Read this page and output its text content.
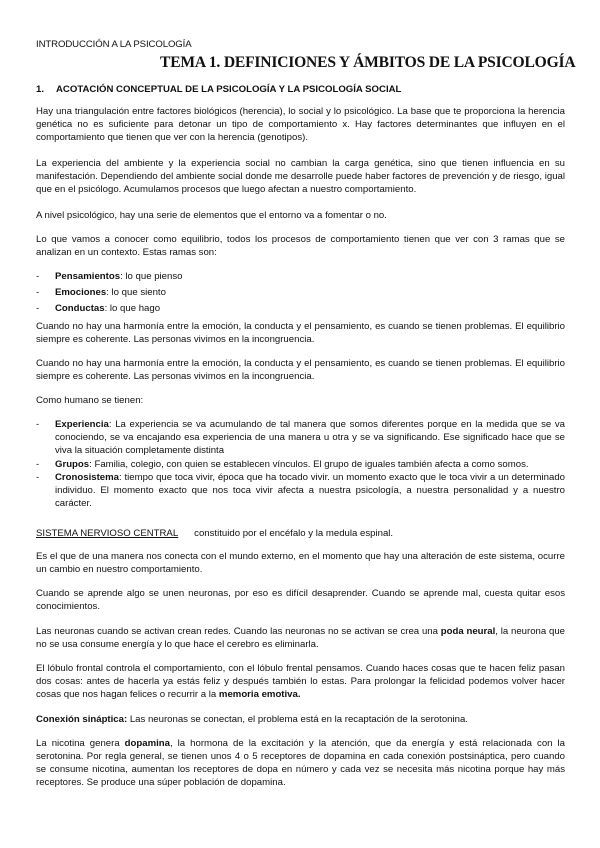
INTRODUCCIÓN A LA PSICOLOGÍA
TEMA 1. DEFINICIONES Y ÁMBITOS DE LA PSICOLOGÍA
1. ACOTACIÓN CONCEPTUAL DE LA PSICOLOGÍA Y LA PSICOLOGÍA SOCIAL
Hay una triangulación entre factores biológicos (herencia), lo social y lo psicológico. La base que te proporciona la herencia genética no es suficiente para detonar un tipo de comportamiento x. Hay factores determinantes que influyen en el comportamiento que tienen que ver con la herencia (genotipos).
La experiencia del ambiente y la experiencia social no cambian la carga genética, sino que tienen influencia en su manifestación. Dependiendo del ambiente social donde me desarrolle puede haber factores de prevención y de riesgo, igual que en el psicólogo. Acumulamos procesos que luego afectan a nuestro comportamiento.
A nivel psicológico, hay una serie de elementos que el entorno va a fomentar o no.
Lo que vamos a conocer como equilibrio, todos los procesos de comportamiento tienen que ver con 3 ramas que se analizan en un contexto. Estas ramas son:
- Pensamientos: lo que pienso
- Emociones: lo que siento
- Conductas: lo que hago
Cuando no hay una harmonía entre la emoción, la conducta y el pensamiento, es cuando se tienen problemas. El equilibrio siempre es coherente. Las personas vivimos en la incongruencia.
Cuando no hay una harmonía entre la emoción, la conducta y el pensamiento, es cuando se tienen problemas. El equilibrio siempre es coherente. Las personas vivimos en la incongruencia.
Como humano se tienen:
- Experiencia: La experiencia se va acumulando de tal manera que somos diferentes porque en la medida que se va conociendo, se va encajando esa experiencia de una manera u otra y se va significando. Ese significado hace que se viva la situación completamente distinta
- Grupos: Familia, colegio, con quien se establecen vínculos. El grupo de iguales también afecta a como somos.
- Cronosistema: tiempo que toca vivir, época que ha tocado vivir. un momento exacto que le toca vivir a un determinado individuo. El momento exacto que nos toca vivir afecta a nuestra psicología, a nuestra personalidad y a nuestro carácter.
SISTEMA NERVIOSO CENTRAL constituido por el encéfalo y la medula espinal.
Es el que de una manera nos conecta con el mundo externo, en el momento que hay una alteración de este sistema, ocurre un cambio en nuestro comportamiento.
Cuando se aprende algo se unen neuronas, por eso es difícil desaprender. Cuando se aprende mal, cuesta quitar esos conocimientos.
Las neuronas cuando se activan crean redes. Cuando las neuronas no se activan se crea una poda neural, la neurona que no se usa consume energía y lo que hace el cerebro es eliminarla.
El lóbulo frontal controla el comportamiento, con el lóbulo frental pensamos. Cuando haces cosas que te hacen feliz pasan dos cosas: antes de hacerla ya estás feliz y después también lo estas. Para prolongar la felicidad podemos volver hacer cosas que nos hagan felices o recurrir a la memoria emotiva.
Conexión sináptica: Las neuronas se conectan, el problema está en la recaptación de la serotonina.
La nicotina genera dopamina, la hormona de la excitación y la atención, que da energía y está relacionada con la serotonina. Por regla general, se tienen unos 4 o 5 receptores de dopamina en cada conexión postsináptica, pero cuando se consume nicotina, aumentan los receptores de dopa en número y cada vez se necesita más nicotina porque hay más receptores. Se produce una súper población de dopamina.
